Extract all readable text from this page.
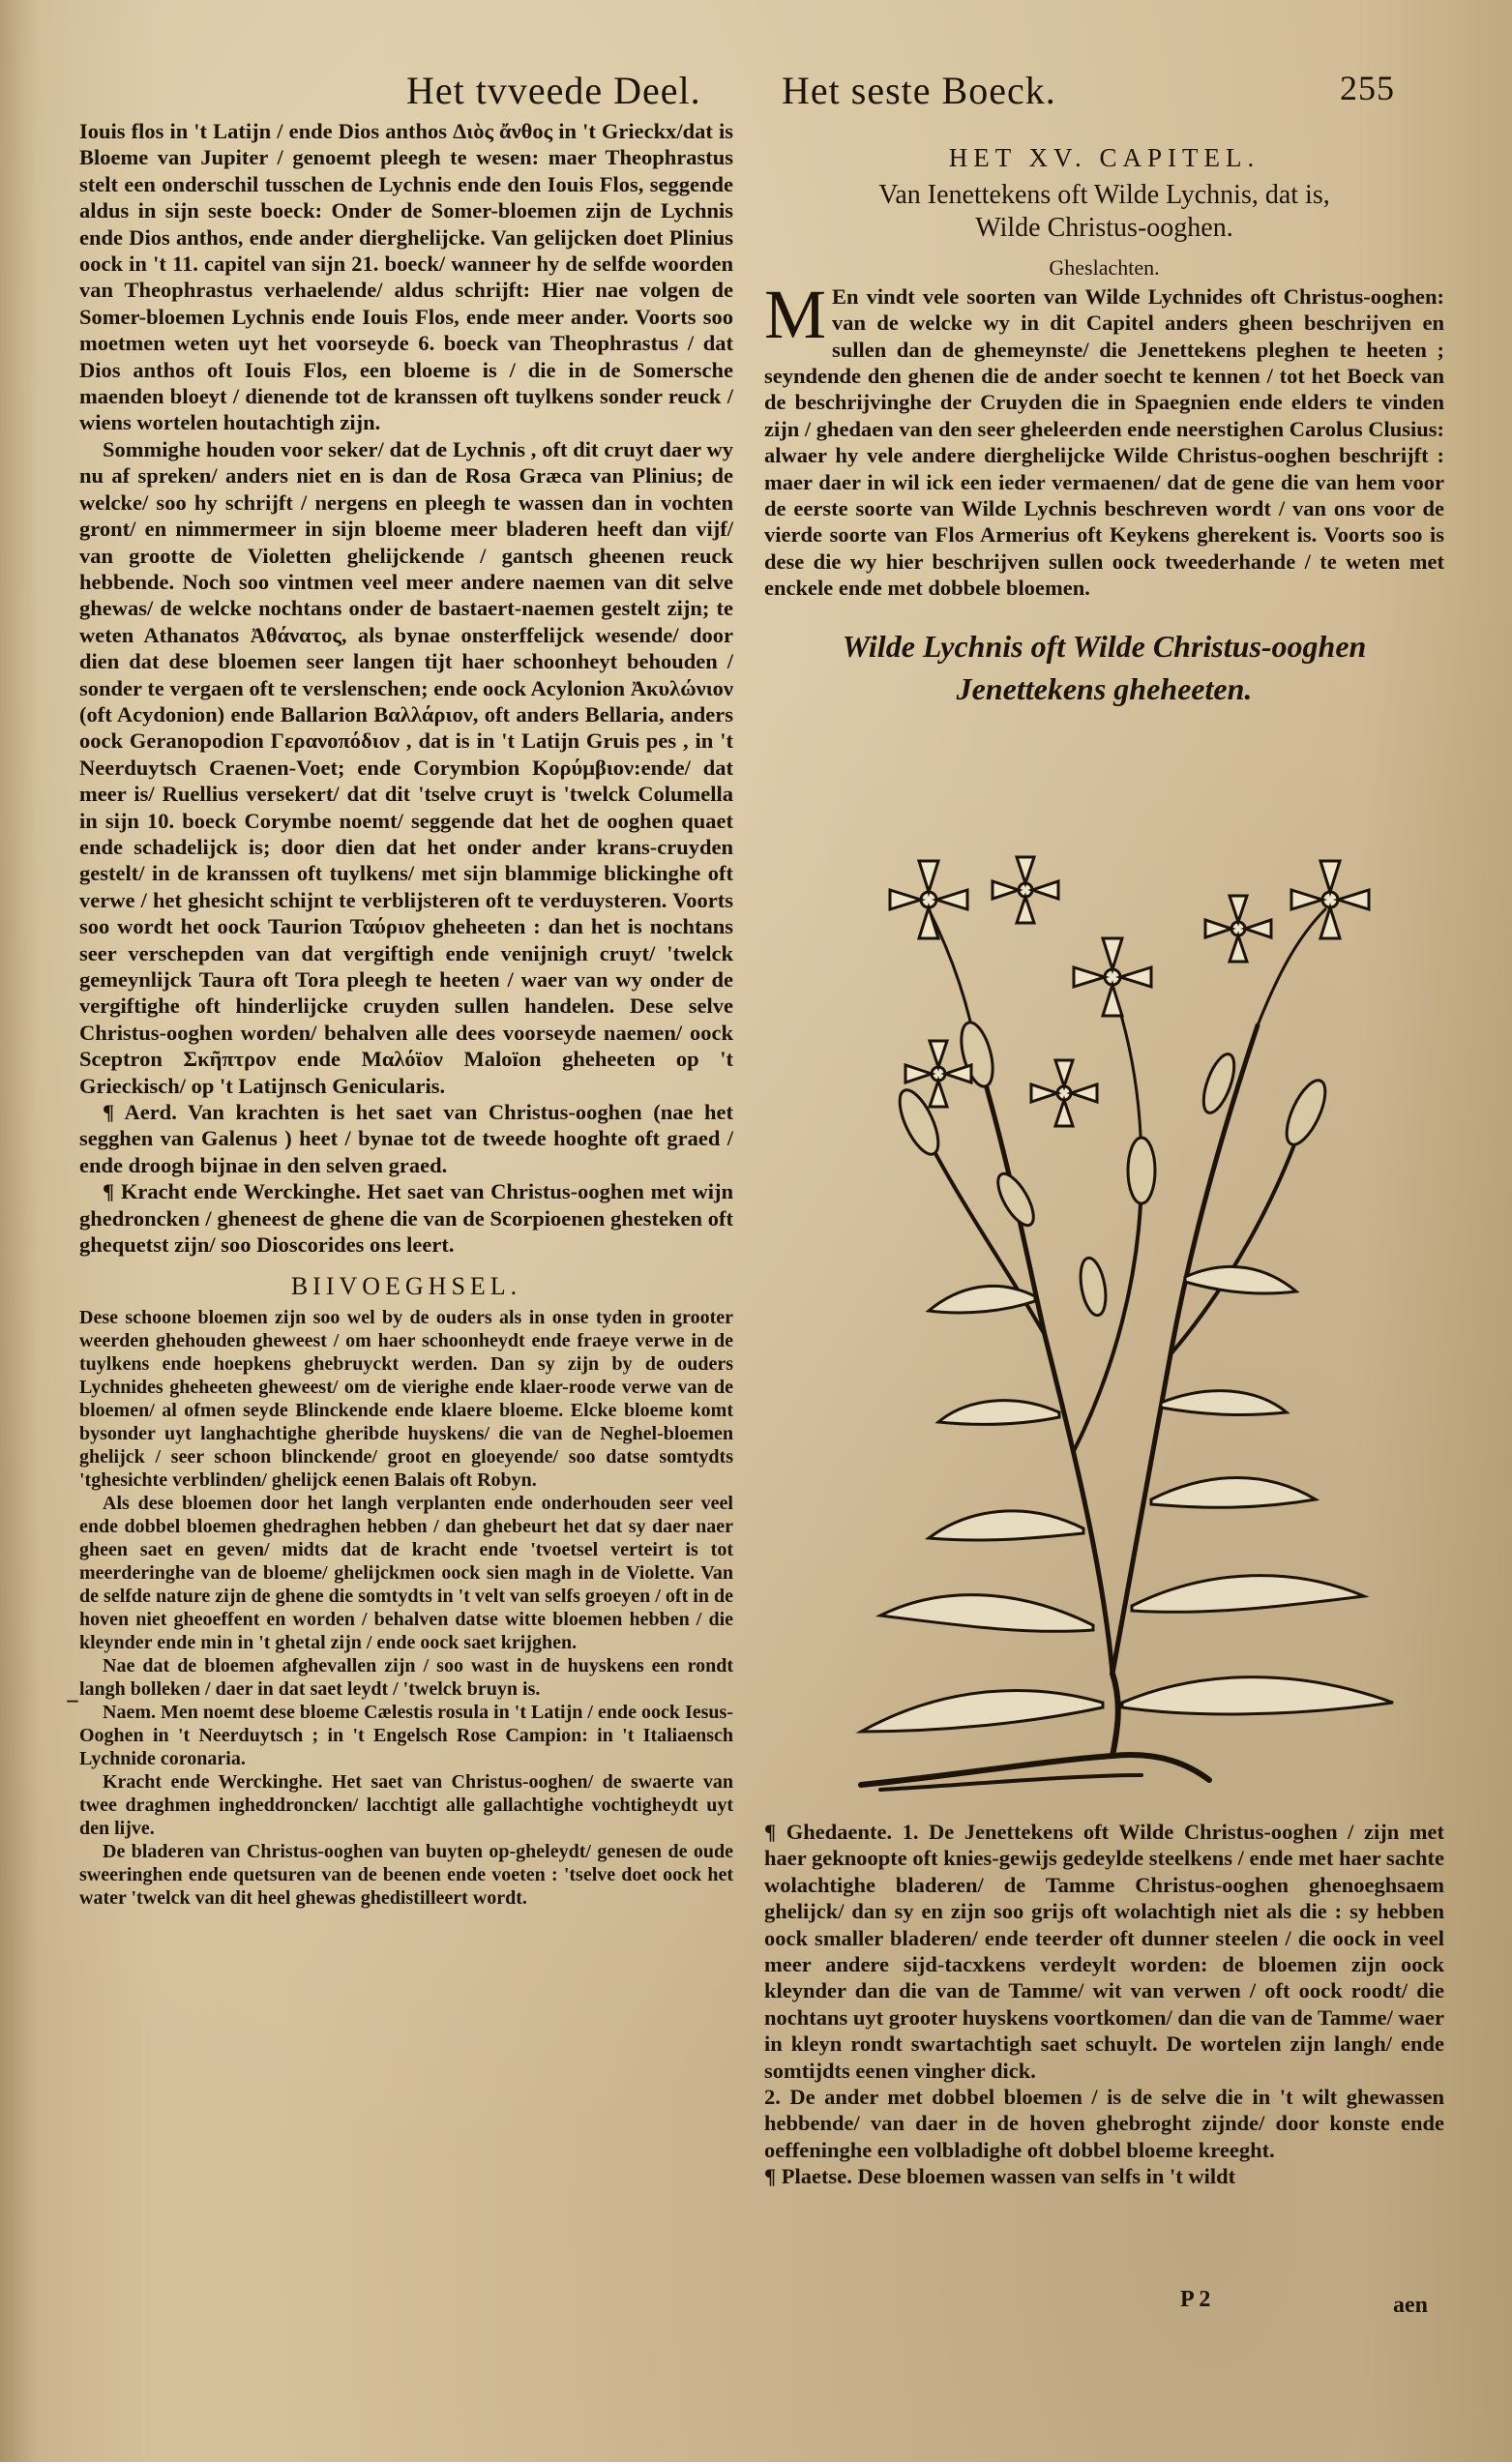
Het tvveede Deel. Het seste Boeck.	255

Iouis flos in 't Latijn / ende Dios anthos Διὸς ἄνθος in 't Grieckx/dat is Bloeme van Jupiter / genoemt pleegh te wesen: maer Theophrastus stelt een onderschil tusschen de Lychnis ende den Iouis Flos, seggende aldus in sijn seste boeck: Onder de Somer-bloemen zijn de Lychnis ende Dios anthos, ende ander dierghelijcke. Van gelijcken doet Plinius oock in 't 11. capitel van sijn 21. boeck/ wanneer hy de selfde woorden van Theophrastus verhaelende/ aldus schrijft: Hier nae volgen de Somer-bloemen Lychnis ende Iouis Flos, ende meer ander. Voorts soo moetmen weten uyt het voorseyde 6. boeck van Theophrastus / dat Dios anthos oft Iouis Flos, een bloeme is / die in de Somersche maenden bloeyt / dienende tot de kranssen oft tuylkens sonder reuck / wiens wortelen houtachtigh zijn.

Sommighe houden voor seker/ dat de Lychnis , oft dit cruyt daer wy nu af spreken/ anders niet en is dan de Rosa Græca van Plinius; de welcke/ soo hy schrijft / nergens en pleegh te wassen dan in vochten gront/ en nimmermeer in sijn bloeme meer bladeren heeft dan vijf/ van grootte de Violetten ghelijckende / gantsch gheenen reuck hebbende. Noch soo vintmen veel meer andere naemen van dit selve ghewas/ de welcke nochtans onder de bastaert-naemen gestelt zijn; te weten Athanatos Ἀθάνατος, als bynae onsterffelijck wesende/ door dien dat dese bloemen seer langen tijt haer schoonheyt behouden / sonder te vergaen oft te verslenschen; ende oock Acylonion Ἀκυλώνιον (oft Acydonion) ende Ballarion Βαλλάριον, oft anders Bellaria, anders oock Geranopodion Γερανοπόδιον , dat is in 't Latijn Gruis pes , in 't Neerduytsch Craenen-Voet; ende Corymbion Κορύμβιον:ende/ dat meer is/ Ruellius versekert/ dat dit 'tselve cruyt is 'twelck Columella in sijn 10. boeck Corymbe noemt/ seggende dat het de ooghen quaet ende schadelijck is; door dien dat het onder ander krans-cruyden gestelt/ in de kranssen oft tuylkens/ met sijn blammige blickinghe oft verwe / het ghesicht schijnt te verblijsteren oft te verduysteren. Voorts soo wordt het oock Taurion Ταύριον gheheeten : dan het is nochtans seer verschepden van dat vergiftigh ende venijnigh cruyt/ 'twelck gemeynlijck Taura oft Tora pleegh te heeten / waer van wy onder de vergiftighe oft hinderlijcke cruyden sullen handelen. Dese selve Christus-ooghen worden/ behalven alle dees voorseyde naemen/ oock Sceptron Σκῆπτρον ende Μαλόϊον Maloïon gheheeten op 't Grieckisch/ op 't Latijnsch Genicularis.

¶ Aerd. Van krachten is het saet van Christus-ooghen (nae het segghen van Galenus ) heet / bynae tot de tweede hooghte oft graed / ende droogh bijnae in den selven graed.

¶ Kracht ende Werckinghe. Het saet van Christus-ooghen met wijn ghedroncken / gheneest de ghene die van de Scorpioenen ghesteken oft ghequetst zijn/ soo Dioscorides ons leert.

BIIVOEGHSEL.

Dese schoone bloemen zijn soo wel by de ouders als in onse tyden in grooter weerden ghehouden gheweest / om haer schoonheydt ende fraeye verwe in de tuylkens ende hoepkens ghebruyckt werden. Dan sy zijn by de ouders Lychnides gheheeten gheweest/ om de vierighe ende klaer-roode verwe van de bloemen/ al ofmen seyde Blinckende ende klaere bloeme. Elcke bloeme komt bysonder uyt langhachtighe gheribde huyskens/ die van de Neghel-bloemen ghelijck / seer schoon blinckende/ groot en gloeyende/ soo datse somtydts 'tghesichte verblinden/ ghelijck eenen Balais oft Robyn.

Als dese bloemen door het langh verplanten ende onderhouden seer veel ende dobbel bloemen ghedraghen hebben / dan ghebeurt het dat sy daer naer gheen saet en geven/ midts dat de kracht ende 'tvoetsel verteirt is tot meerderinghe van de bloeme/ ghelijckmen oock sien magh in de Violette. Van de selfde nature zijn de ghene die somtydts in 't velt van selfs groeyen / oft in de hoven niet gheoeffent en worden / behalven datse witte bloemen hebben / die kleynder ende min in 't ghetal zijn / ende oock saet krijghen.

Nae dat de bloemen afghevallen zijn / soo wast in de huyskens een rondt langh bolleken / daer in dat saet leydt / 'twelck bruyn is.

Naem. Men noemt dese bloeme Cælestis rosula in 't Latijn / ende oock Iesus-Ooghen in 't Neerduytsch ; in 't Engelsch Rose Campion: in 't Italiaensch Lychnide coronaria.

Kracht ende Werckinghe. Het saet van Christus-ooghen/ de swaerte van twee draghmen ingheddroncken/ lacchtigt alle gallachtighe vochtigheydt uyt den lijve.

De bladeren van Christus-ooghen van buyten op-gheleydt/ genesen de oude sweeringhen ende quetsuren van de beenen ende voeten : 'tselve doet oock het water 'twelck van dit heel ghewas ghedistilleert wordt.

–
HET XV. CAPITEL.
Van Ienettekens oft Wilde Lychnis, dat is,
Wilde Christus-ooghen.
Gheslachten.

M En vindt vele soorten van Wilde Lychnides oft Christus-ooghen: van de welcke wy in dit Capitel anders gheen beschrijven en sullen dan de ghemeynste/ die Jenettekens pleghen te heeten ; seyndende den ghenen die de ander soecht te kennen / tot het Boeck van de beschrijvinghe der Cruyden die in Spaegnien ende elders te vinden zijn / ghedaen van den seer gheleerden ende neerstighen Carolus Clusius: alwaer hy vele andere dierghelijcke Wilde Christus-ooghen beschrijft : maer daer in wil ick een ieder vermaenen/ dat de gene die van hem voor de eerste soorte van Wilde Lychnis beschreven wordt / van ons voor de vierde soorte van Flos Armerius oft Keykens gherekent is. Voorts soo is dese die wy hier beschrijven sullen oock tweederhande / te weten met enckele ende met dobbele bloemen.

Wilde Lychnis oft Wilde Christus-ooghen
Jenettekens gheheeten.

¶ Ghedaente. 1. De Jenettekens oft Wilde Christus-ooghen / zijn met haer geknoopte oft knies-gewijs gedeylde steelkens / ende met haer sachte wolachtighe bladeren/ de Tamme Christus-ooghen ghenoeghsaem ghelijck/ dan sy en zijn soo grijs oft wolachtigh niet als die : sy hebben oock smaller bladeren/ ende teerder oft dunner steelen / die oock in veel meer andere sijd-tacxkens verdeylt worden: de bloemen zijn oock kleynder dan die van de Tamme/ wit van verwen / oft oock roodt/ die nochtans uyt grooter huyskens voortkomen/ dan die van de Tamme/ waer in kleyn rondt swartachtigh saet schuylt. De wortelen zijn langh/ ende somtijdts eenen vingher dick.

2. De ander met dobbel bloemen / is de selve die in 't wilt ghewassen hebbende/ van daer in de hoven ghebroght zijnde/ door konste ende oeffeninghe een volbladighe oft dobbel bloeme kreeght.

¶ Plaetse. Dese bloemen wassen van selfs in 't wildt

P 2	aen
